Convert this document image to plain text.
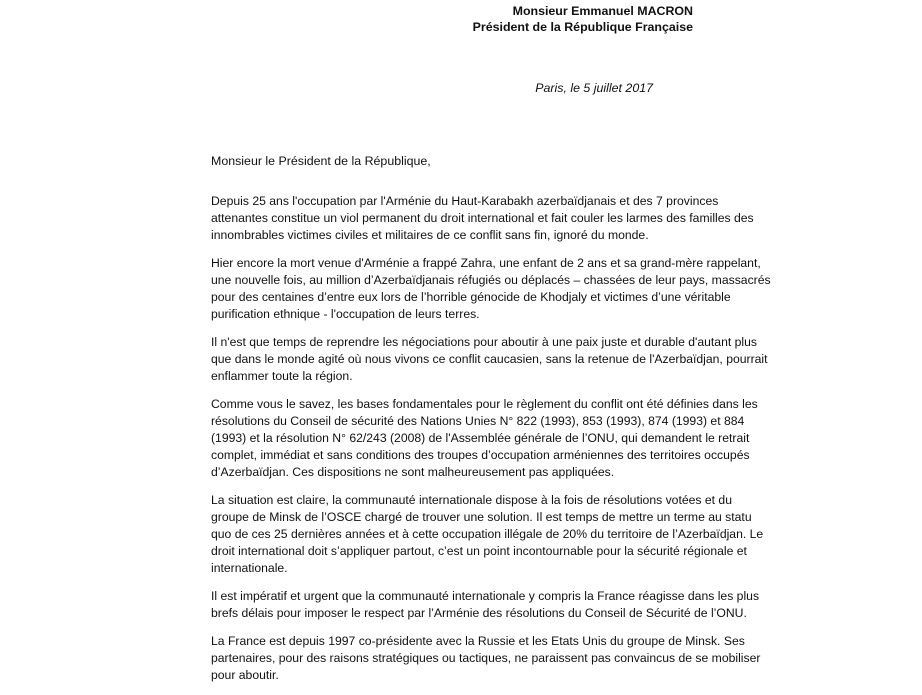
Monsieur Emmanuel MACRON
Président de la République Française
Paris, le 5 juillet 2017
Monsieur le Président de la République,

Depuis 25 ans l'occupation par l'Arménie du Haut-Karabakh azerbaïdjanais et des 7 provinces
attenantes constitue un viol permanent du droit international et fait couler les larmes des familles des
innombrables victimes civiles et militaires de ce conflit sans fin, ignoré du monde.

Hier encore la mort venue d'Arménie a frappé Zahra, une enfant de 2 ans et sa grand-mère rappelant,
une nouvelle fois, au million d’Azerbaïdjanais réfugiés ou déplacés – chassées de leur pays, massacrés
pour des centaines d’entre eux lors de l’horrible génocide de Khodjaly et victimes d’une véritable
purification ethnique - l'occupation de leurs terres.

Il n'est que temps de reprendre les négociations pour aboutir à une paix juste et durable d'autant plus
que dans le monde agité où nous vivons ce conflit caucasien, sans la retenue de l'Azerbaïdjan, pourrait
enflammer toute la région.

Comme vous le savez, les bases fondamentales pour le règlement du conflit ont été définies dans les
résolutions du Conseil de sécurité des Nations Unies N° 822 (1993), 853 (1993), 874 (1993) et 884
(1993) et la résolution N° 62/243 (2008) de l'Assemblée générale de l’ONU, qui demandent le retrait
complet, immédiat et sans conditions des troupes d’occupation arméniennes des territoires occupés
d’Azerbaïdjan. Ces dispositions ne sont malheureusement pas appliquées.

La situation est claire, la communauté internationale dispose à la fois de résolutions votées et du
groupe de Minsk de l’OSCE chargé de trouver une solution. Il est temps de mettre un terme au statu
quo de ces 25 dernières années et à cette occupation illégale de 20% du territoire de l’Azerbaïdjan. Le
droit international doit s’appliquer partout, c’est un point incontournable pour la sécurité régionale et
internationale.

Il est impératif et urgent que la communauté internationale y compris la France réagisse dans les plus
brefs délais pour imposer le respect par l’Arménie des résolutions du Conseil de Sécurité de l’ONU.

La France est depuis 1997 co-présidente avec la Russie et les Etats Unis du groupe de Minsk. Ses
partenaires, pour des raisons stratégiques ou tactiques, ne paraissent pas convaincus de se mobiliser
pour aboutir.
